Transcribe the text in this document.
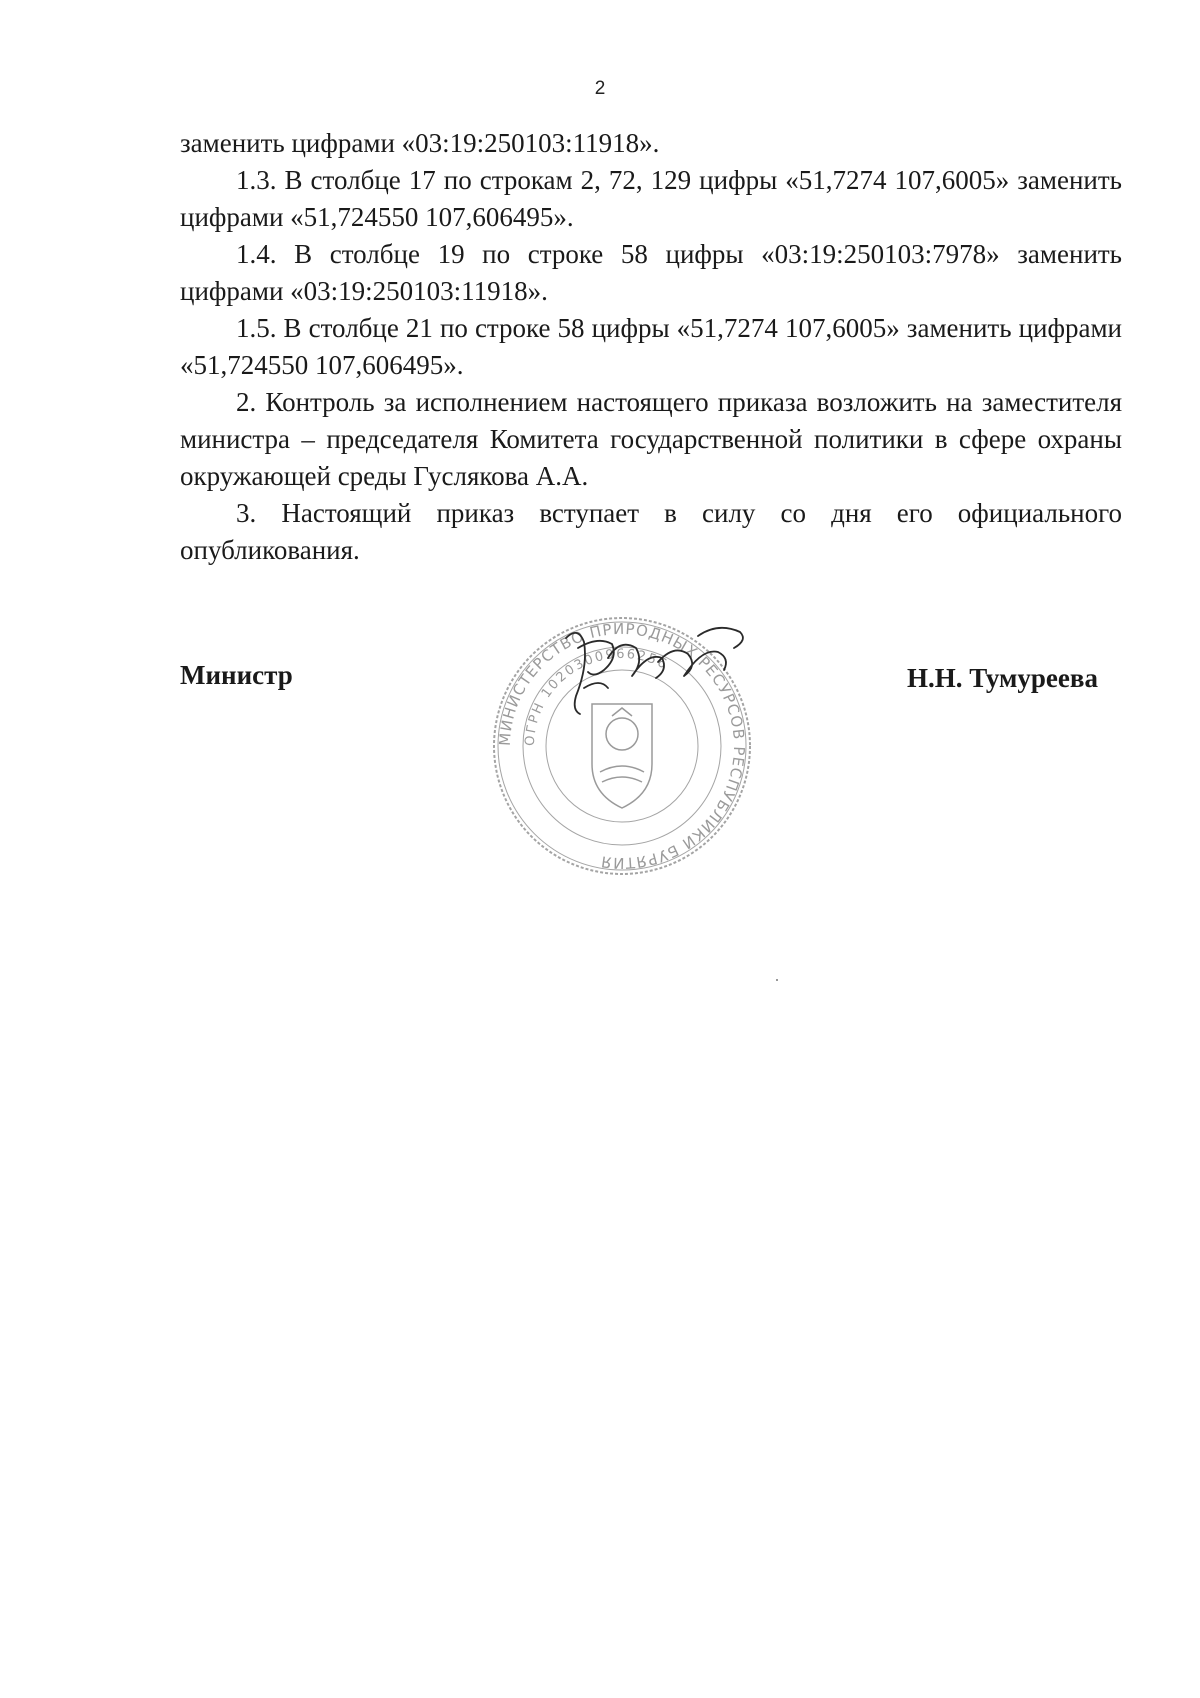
2

заменить цифрами «03:19:250103:11918».

1.3. В столбце 17 по строкам 2, 72, 129 цифры «51,7274 107,6005» заменить цифрами «51,724550 107,606495».

1.4. В столбце 19 по строке 58 цифры «03:19:250103:7978» заменить цифрами «03:19:250103:11918».

1.5. В столбце 21 по строке 58 цифры «51,7274 107,6005» заменить цифрами «51,724550 107,606495».

2. Контроль за исполнением настоящего приказа возложить на заместителя министра – председателя Комитета государственной политики в сфере охраны окружающей среды Гуслякова А.А.

3. Настоящий приказ вступает в силу со дня его официального опубликования.

Министр
МИНИСТЕРСТВО ПРИРОДНЫХ РЕСУРСОВ РЕСПУБЛИКИ БУРЯТИЯ
ОГРН 1020300966256	Н.Н. Тумуреева
